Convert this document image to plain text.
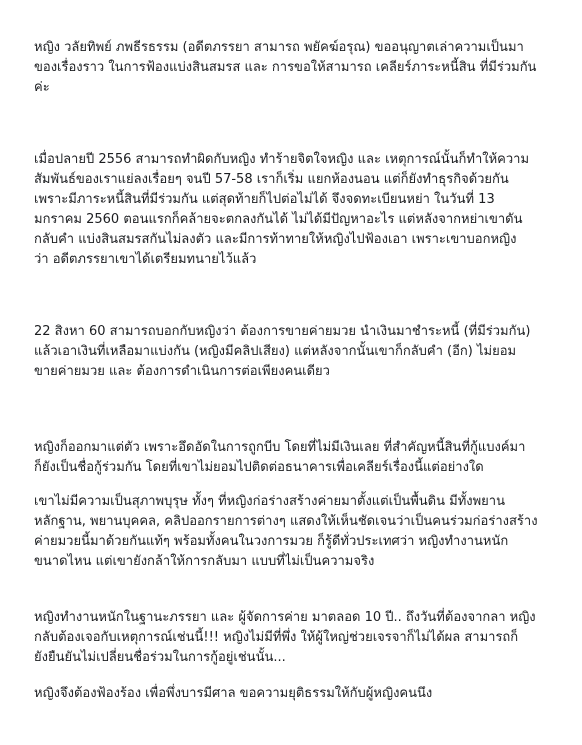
หญิง วลัยทิพย์ ภพธีรธรรม (อดีตภรรยา สามารถ พยัคฆ์อรุณ) ขออนุญาตเล่าความเป็นมา
ของเรื่องราว ในการฟ้องแบ่งสินสมรส และ การขอให้สามารถ เคลียร์ภาระหนี้สิน ที่มีร่วมกัน
ค่ะ

เมื่อปลายปี 2556 สามารถทำผิดกับหญิง ทำร้ายจิตใจหญิง และ เหตุการณ์นั้นก็ทำให้ความ
สัมพันธ์ของเราแย่ลงเรื่อยๆ จนปี 57-58 เราก็เริ่ม แยกห้องนอน แต่ก็ยังทำธุรกิจด้วยกัน
เพราะมีภาระหนี้สินที่มีร่วมกัน แต่สุดท้ายก็ไปต่อไม่ได้ จึงจดทะเบียนหย่า ในวันที่ 13
มกราคม 2560 ตอนแรกก็คล้ายจะตกลงกันได้ ไม่ได้มีปัญหาอะไร แต่หลังจากหย่าเขาดัน
กลับคำ แบ่งสินสมรสกันไม่ลงตัว และมีการท้าทายให้หญิงไปฟ้องเอา เพราะเขาบอกหญิง
ว่า อดีตภรรยาเขาได้เตรียมทนายไว้แล้ว

22 สิงหา 60 สามารถบอกกับหญิงว่า ต้องการขายค่ายมวย นำเงินมาชำระหนี้ (ที่มีร่วมกัน)
แล้วเอาเงินที่เหลือมาแบ่งกัน (หญิงมีคลิปเสียง) แต่หลังจากนั้นเขาก็กลับคำ (อีก) ไม่ยอม
ขายค่ายมวย และ ต้องการดำเนินการต่อเพียงคนเดียว

หญิงก็ออกมาแต่ตัว เพราะอึดอัดในการถูกบีบ โดยที่ไม่มีเงินเลย ที่สำคัญหนี้สินที่กู้แบงค์มา
ก็ยังเป็นชื่อกู้ร่วมกัน โดยที่เขาไม่ยอมไปติดต่อธนาคารเพื่อเคลียร์เรื่องนี้แต่อย่างใด

เขาไม่มีความเป็นสุภาพบุรุษ ทั้งๆ ที่หญิงก่อร่างสร้างค่ายมาตั้งแต่เป็นพื้นดิน มีทั้งพยาน
หลักฐาน, พยานบุคคล, คลิปออกรายการต่างๆ แสดงให้เห็นชัดเจนว่าเป็นคนร่วมก่อร่างสร้าง
ค่ายมวยนี้มาด้วยกันแท้ๆ พร้อมทั้งคนในวงการมวย ก็รู้ดีทั่วประเทศว่า หญิงทำงานหนัก
ขนาดไหน แต่เขายังกล้าให้การกลับมา แบบที่ไม่เป็นความจริง

หญิงทำงานหนักในฐานะภรรยา และ ผู้จัดการค่าย มาตลอด 10 ปี.. ถึงวันที่ต้องจากลา หญิง
กลับต้องเจอกับเหตุการณ์เช่นนี้!!! หญิงไม่มีที่พึ่ง ให้ผู้ใหญ่ช่วยเจรจาก็ไม่ได้ผล สามารถก็
ยังยืนยันไม่เปลี่ยนชื่อร่วมในการกู้อยู่เช่นนั้น...

หญิงจึงต้องฟ้องร้อง เพื่อพึ่งบารมีศาล ขอความยุติธรรมให้กับผู้หญิงคนนึง
